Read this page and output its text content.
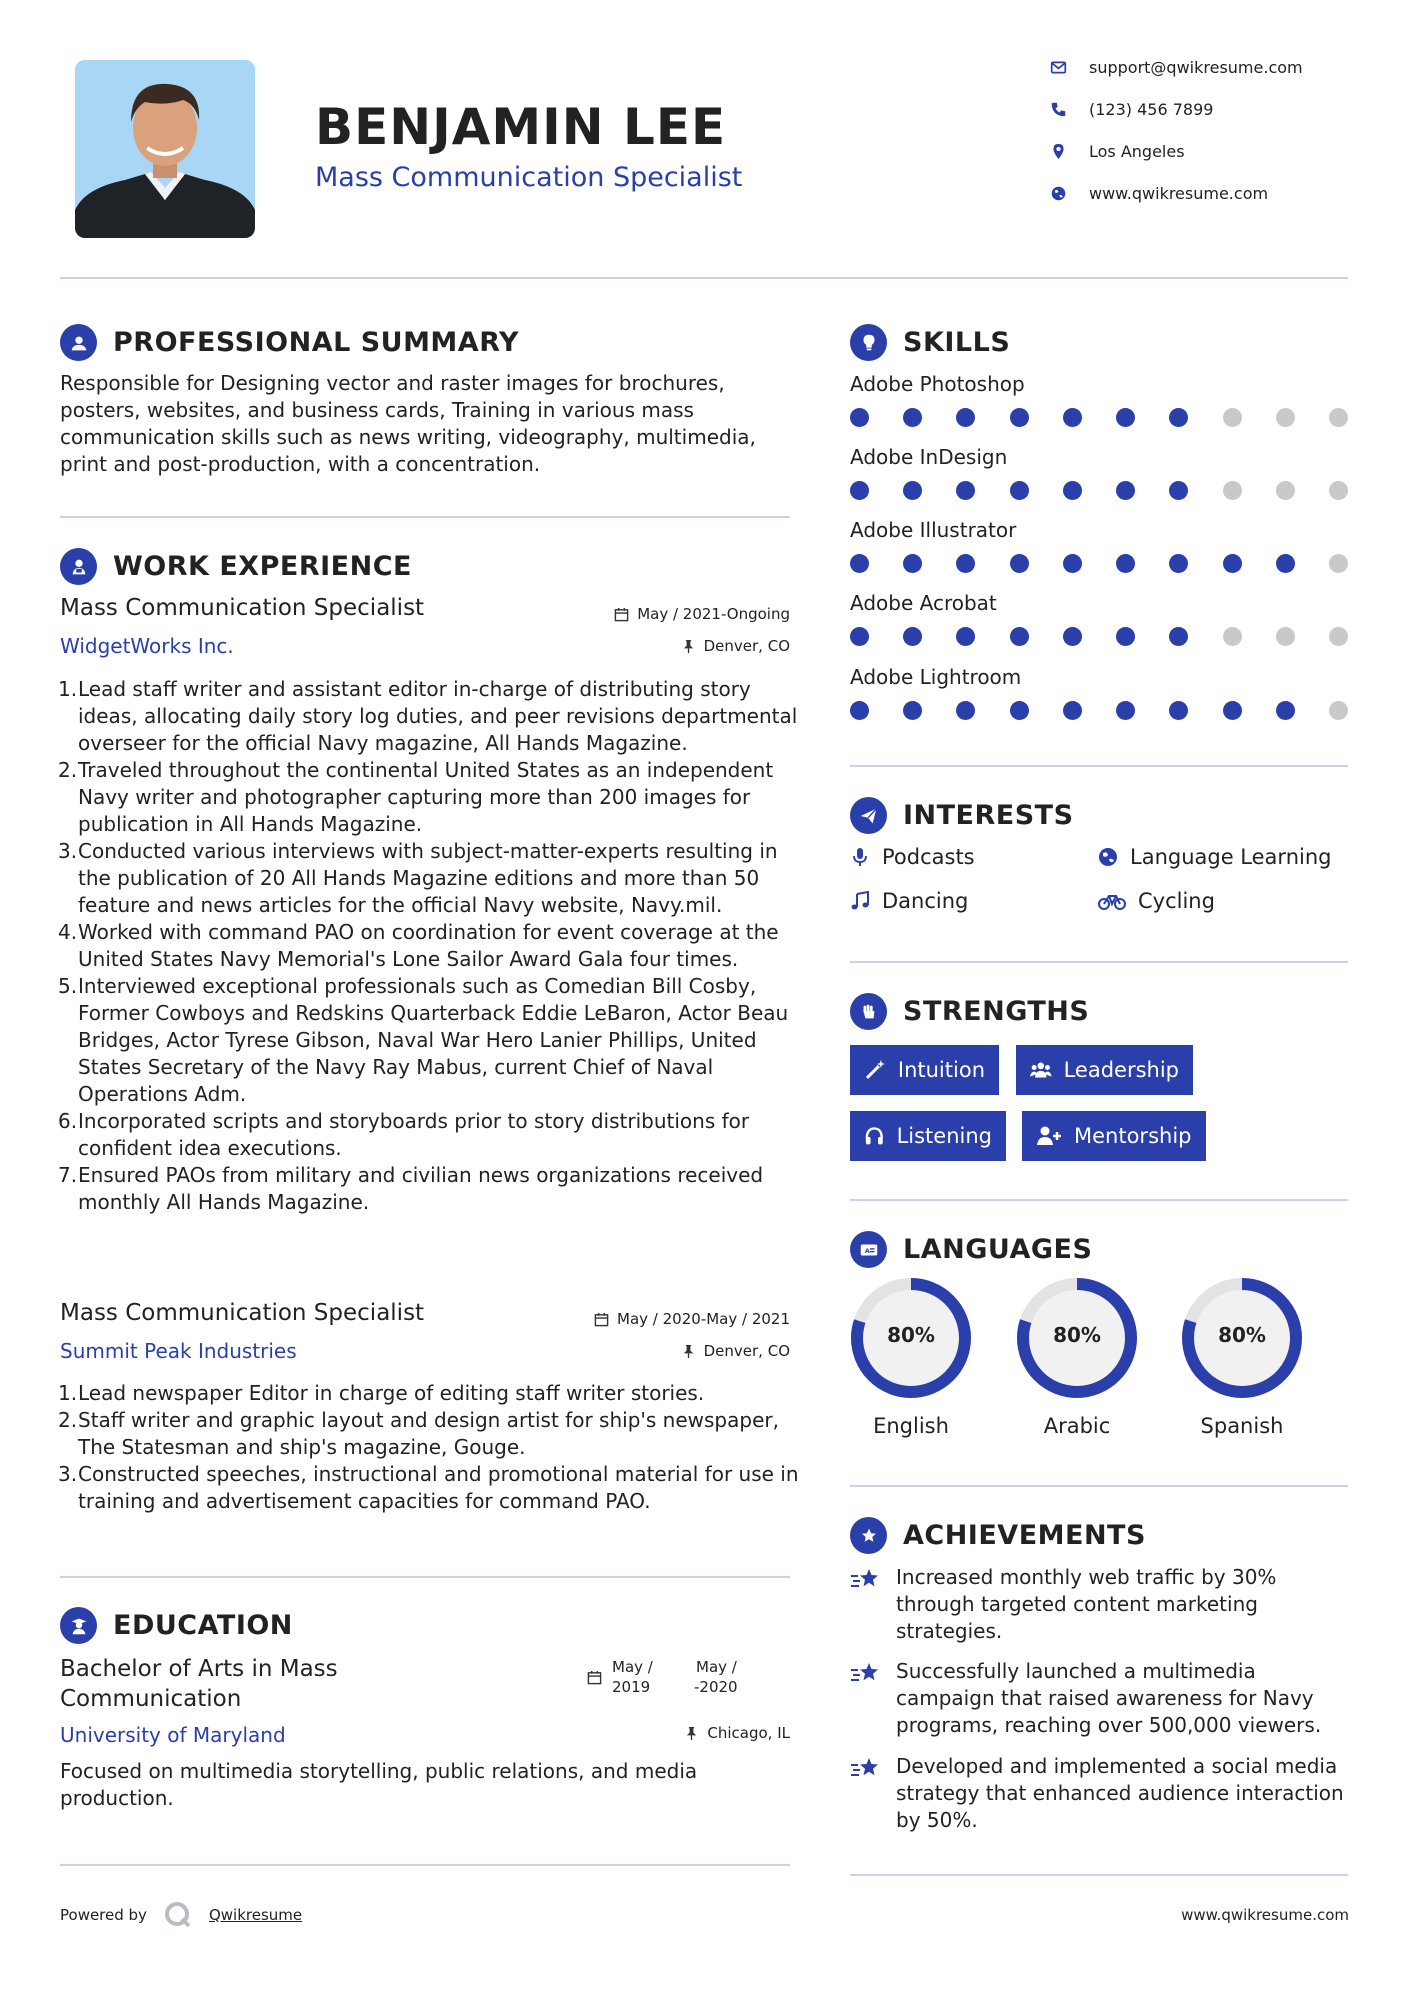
BENJAMIN LEE
Mass Communication Specialist
support@qwikresume.com
(123) 456 7899
Los Angeles
www.qwikresume.com
PROFESSIONAL SUMMARY
Responsible for Designing vector and raster images for brochures, posters, websites, and business cards, Training in various mass communication skills such as news writing, videography, multimedia, print and post-production, with a concentration.
WORK EXPERIENCE
Mass Communication Specialist
WidgetWorks Inc.
May / 2021-Ongoing
Denver, CO
1. Lead staff writer and assistant editor in-charge of distributing story ideas, allocating daily story log duties, and peer revisions departmental overseer for the official Navy magazine, All Hands Magazine.
2. Traveled throughout the continental United States as an independent Navy writer and photographer capturing more than 200 images for publication in All Hands Magazine.
3. Conducted various interviews with subject-matter-experts resulting in the publication of 20 All Hands Magazine editions and more than 50 feature and news articles for the official Navy website, Navy.mil.
4. Worked with command PAO on coordination for event coverage at the United States Navy Memorial's Lone Sailor Award Gala four times.
5. Interviewed exceptional professionals such as Comedian Bill Cosby, Former Cowboys and Redskins Quarterback Eddie LeBaron, Actor Beau Bridges, Actor Tyrese Gibson, Naval War Hero Lanier Phillips, United States Secretary of the Navy Ray Mabus, current Chief of Naval Operations Adm.
6. Incorporated scripts and storyboards prior to story distributions for confident idea executions.
7. Ensured PAOs from military and civilian news organizations received monthly All Hands Magazine.
Mass Communication Specialist
Summit Peak Industries
May / 2020-May / 2021
Denver, CO
1. Lead newspaper Editor in charge of editing staff writer stories.
2. Staff writer and graphic layout and design artist for ship's newspaper, The Statesman and ship's magazine, Gouge.
3. Constructed speeches, instructional and promotional material for use in training and advertisement capacities for command PAO.
EDUCATION
Bachelor of Arts in Mass
Communication
University of Maryland
May /
2019
May /
-2020
Chicago, IL
Focused on multimedia storytelling, public relations, and media production.
SKILLS
Adobe Photoshop
Adobe InDesign
Adobe Illustrator
Adobe Acrobat
Adobe Lightroom
INTERESTS
Podcasts	Language Learning
Dancing	Cycling
STRENGTHS
Intuition	Leadership
Listening	Mentorship
A LANGUAGES
80%
English
80%
Arabic
80%
Spanish
ACHIEVEMENTS
Increased monthly web traffic by 30% through targeted content marketing strategies.
Successfully launched a multimedia campaign that raised awareness for Navy programs, reaching over 500,000 viewers.
Developed and implemented a social media strategy that enhanced audience interaction by 50%.
Powered by	Qwikresume	www.qwikresume.com
